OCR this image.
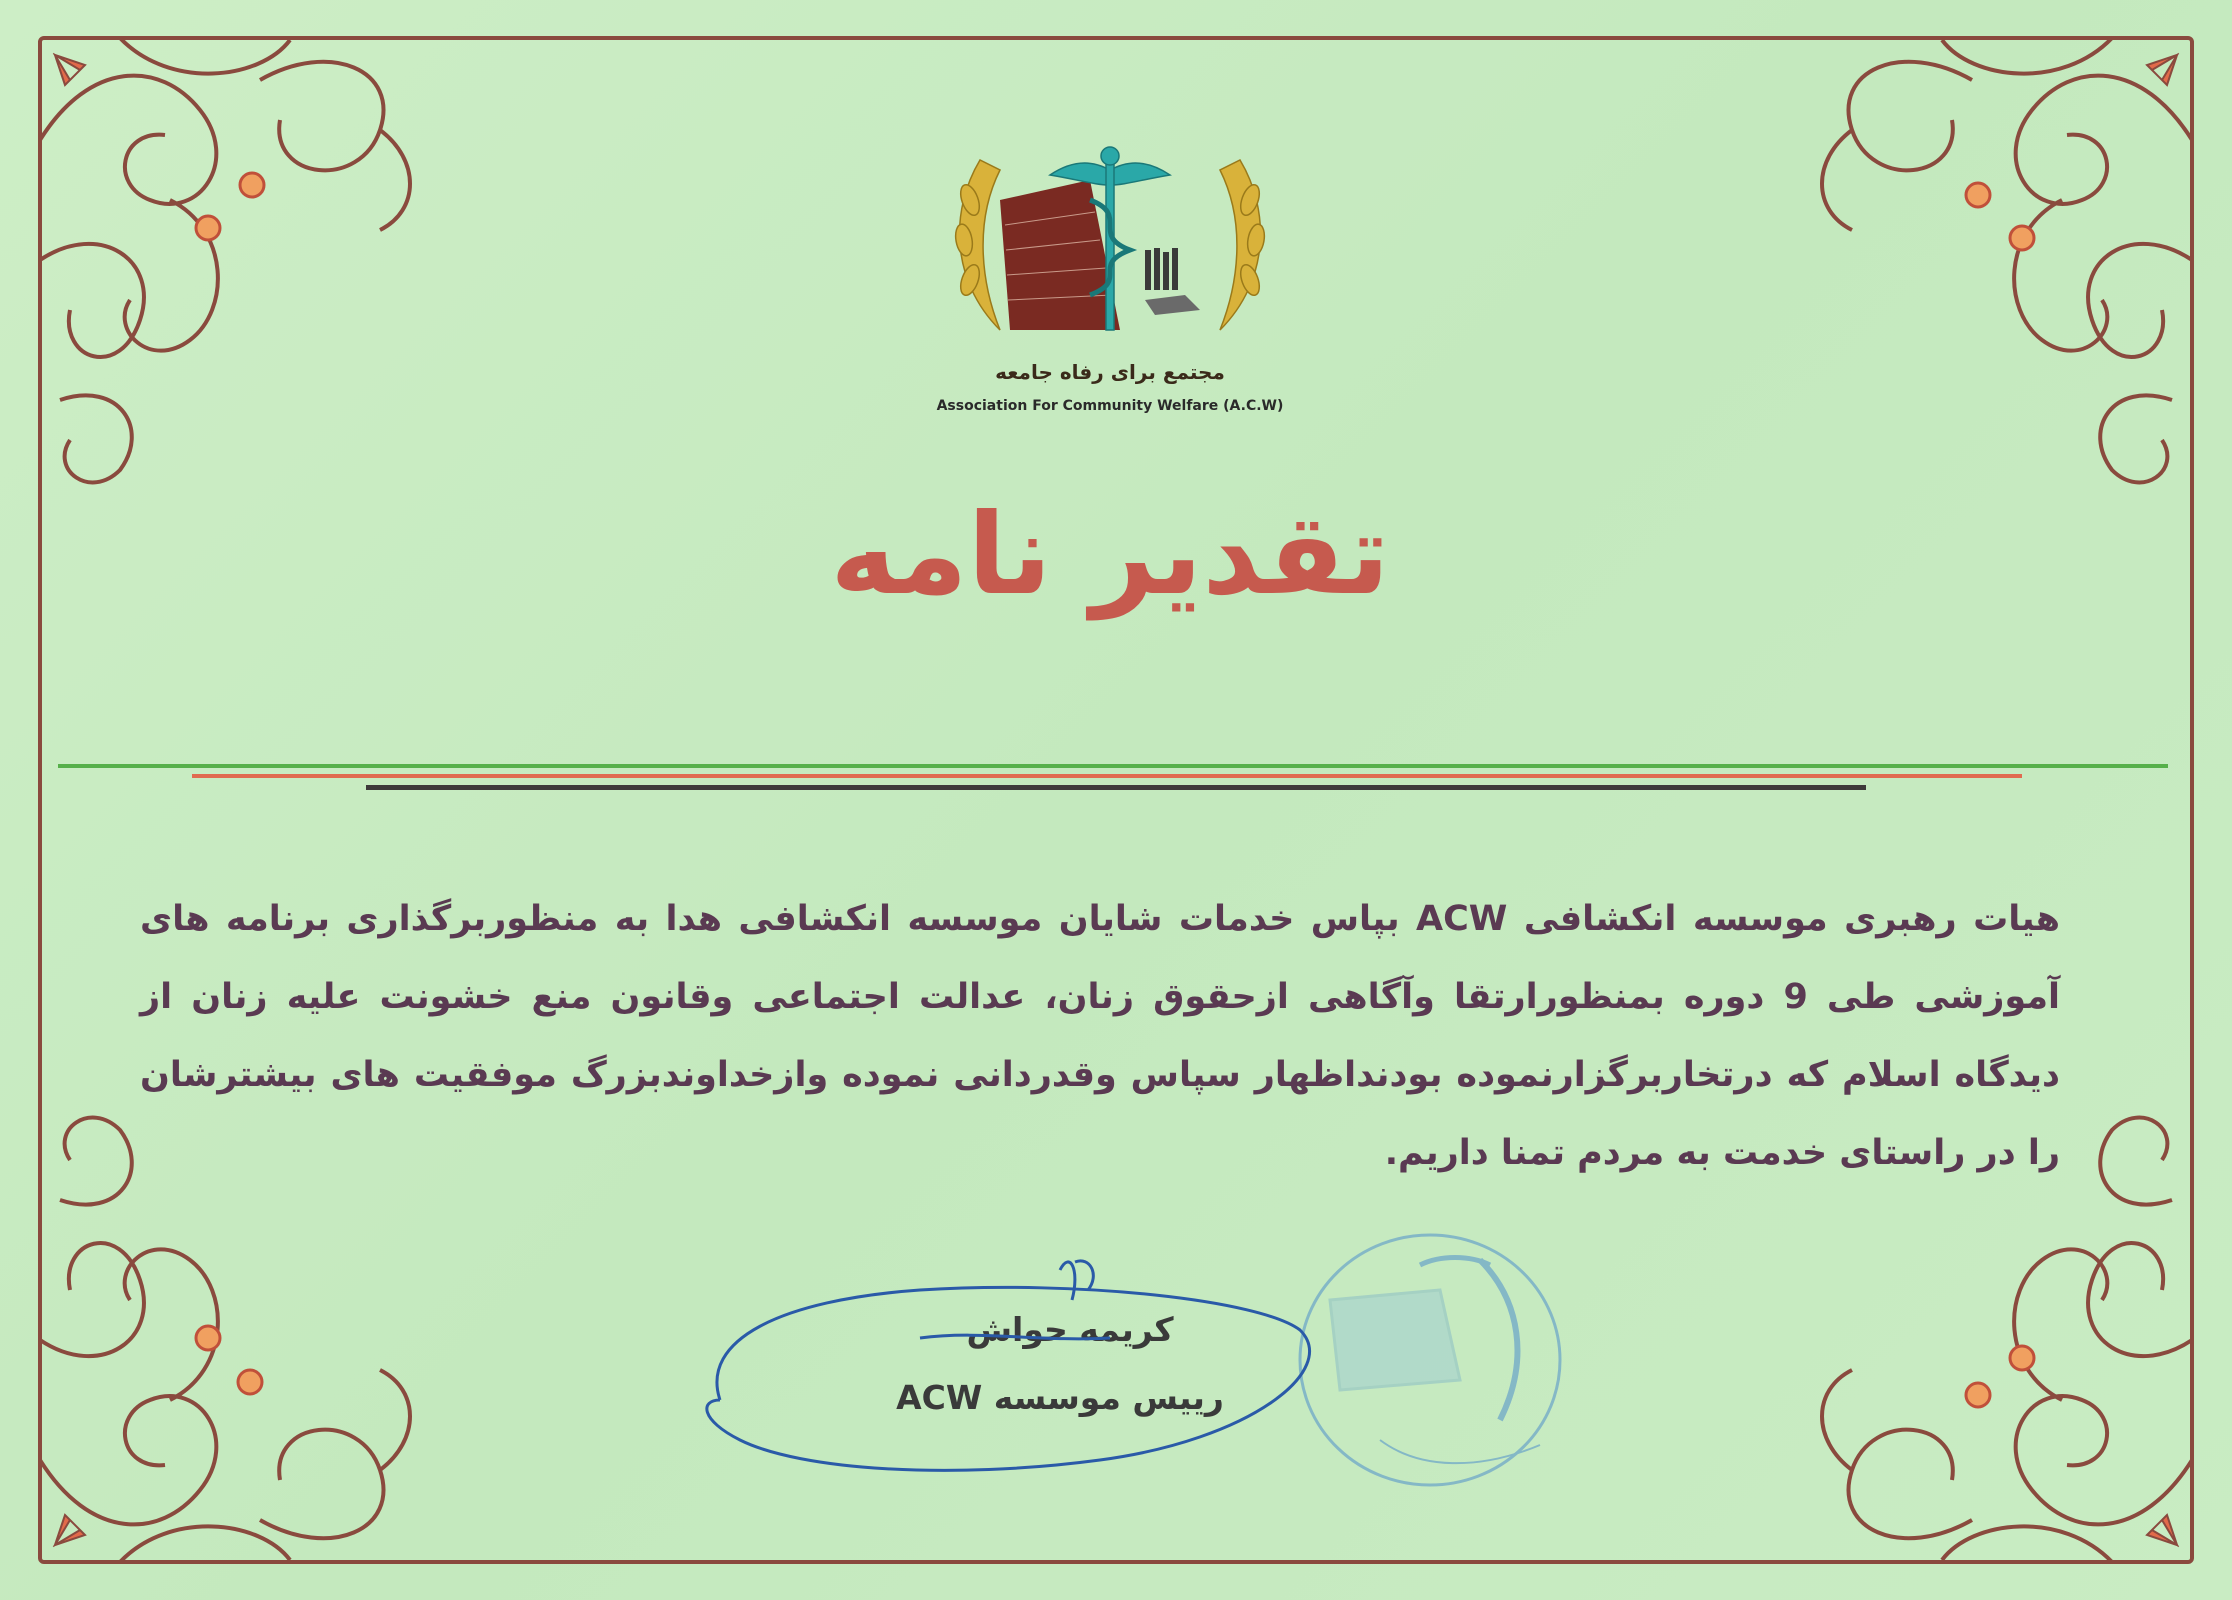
مجتمع برای رفاه جامعه
Association For Community Welfare (A.C.W)
تقدیر نامه
هیات رهبری موسسه انکشافی ACW بپاس خدمات شایان موسسه انکشافی هدا به منظوربرگذاری برنامه های آموزشی طی 9 دوره بمنظورارتقا وآگاهی ازحقوق زنان، عدالت اجتماعی وقانون منع خشونت علیه زنان از دیدگاه اسلام که درتخاربرگزارنموده بودنداظهار سپاس وقدردانی نموده وازخداوندبزرگ موفقیت های بیشترشان را در راستای خدمت به مردم تمنا داریم.
کریمه حواش
رییس موسسه ACW
